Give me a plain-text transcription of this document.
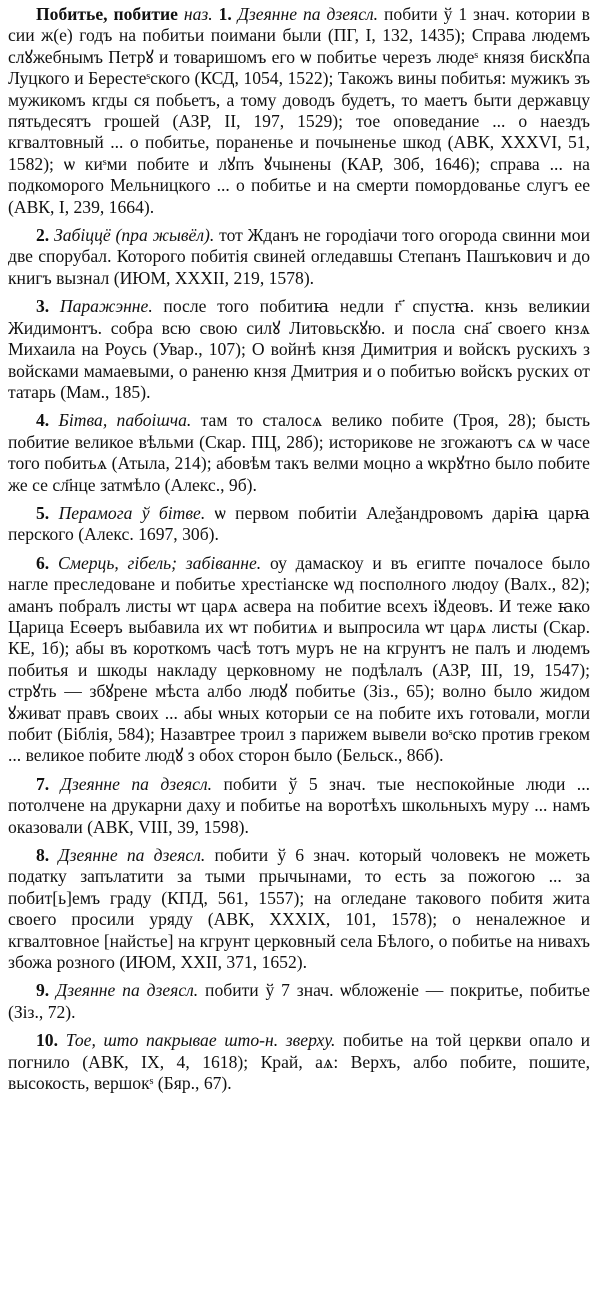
Побитье, побитие наз. 1. Дзеянне па дзеясл. побити ў 1 знач. котории в сии ж(е) годъ на побитьи поимани были (ПГ, I, 132, 1435); Справа людемъ слꙋжебнымъ Петрꙋ и товаришомъ его ѡ побитье черезъ людеˢ князя бискꙋпа Луцкого и Берестеˢского (КСД, 1054, 1522); Такожъ вины побитья: мужикъ зъ мужикомъ кгды ся побьетъ, а тому доводъ будетъ, то маетъ быти державцу пятьдесятъ грошей (АЗР, II, 197, 1529); тое оповедание ... о наездъ кгвалтовный ... о побитье, пораненье и почыненье шкод (АВК, XXXVI, 51, 1582); ѡ киˢми побите и лꙋпъ ꙋчынены (КАР, 30б, 1646); справа ... на подкоморого Мельницкого ... о побитье и на смерти помордованье слугъ ее (АВК, I, 239, 1664).

2. Забіццё (пра жывёл). тот Жданъ не городіачи того огорода свинни мои две спорубал. Которого побитія свиней огледавшы Степанъ Пашъкович и до книгъ вызнал (ИЮМ, XXXII, 219, 1578).

3. Паражэнне. после того побитиꙗ недли г҃ спустꙗ. кнзь великии Жидимонтъ. собра всю свою силꙋ Литовьскꙋю. и посла сна҃ своего кнзѧ Михаила на Роусь (Увар., 107); О войнѣ кнзя Димитрия и войскъ рускихъ з войсками мамаевыми, о раненю кнзя Дмитрия и о побитью войскъ руских от татарь (Мам., 185).

4. Бітва, пабоішча. там то сталосѧ велико побите (Троя, 28); бысть побитие великое вѣльми (Скар. ПЦ, 28б); историкове не згожаютъ сѧ ѡ часе того побитьѧ (Атыла, 214); абовѣм такъ велми моцно а ѡкрꙋтно было побите же се сл҃нце затмѣло (Алекс., 9б).

5. Перамога ў бітве. ѡ первом побитіи Алеѯандровомъ даріꙗ царꙗ перского (Алекс. 1697, 30б).

6. Смерць, гібель; забіванне. оу дамаскоу и въ египте почалосе было нагле преследоване и побитье хрестіанске ѡд посполного людоу (Валх., 82); аманъ побралъ листы ѡт царѧ асвера на побитие всехъ іꙋдеовъ. И теже ꙗко Царица Есѳеръ выбавила их ѡт побитиѧ и выпросила ѡт царѧ листы (Скар. КЕ, 1б); абы въ короткомъ часѣ тотъ муръ не на кгрунтъ не палъ и людемъ побитья и шкоды накладу церковному не подѣлалъ (АЗР, III, 19, 1547); стрꙋть — збꙋрене мѣста албо людꙋ побитье (Зіз., 65); волно было жидом ꙋживат правъ своих ... абы ѡных которыи се на побите ихъ готовали, могли побит (Біблія, 584); Назавтрее троил з парижем вывели воˢско против греком ... великое побите людꙋ з обох сторон было (Бельск., 86б).

7. Дзеянне па дзеясл. побити ў 5 знач. тые неспокойные люди ... потолчене на друкарни даху и побитье на воротѣхъ школьныхъ муру ... намъ оказовали (АВК, VIII, 39, 1598).

8. Дзеянне па дзеясл. побити ў 6 знач. который чоловекъ не можеть податку запълатити за тыми прычынами, то есть за пожогою ... за побит[ь]емъ граду (КПД, 561, 1557); на огледане такового побитя жита своего просили уряду (АВК, XXXIX, 101, 1578); о неналежное и кгвалтовное [найстье] на кгрунт церковный села Бѣлого, о побитье на нивахъ збожа розного (ИЮМ, XXII, 371, 1652).

9. Дзеянне па дзеясл. побити ў 7 знач. ѡбложеніе — покритье, побитье (Зіз., 72).

10. Тое, што пакрывае што-н. зверху. побитье на той церкви опало и погнило (АВК, IX, 4, 1618); Край, аѧ: Верхъ, албо побите, пошите, высокость, вершокˢ (Бяр., 67).
